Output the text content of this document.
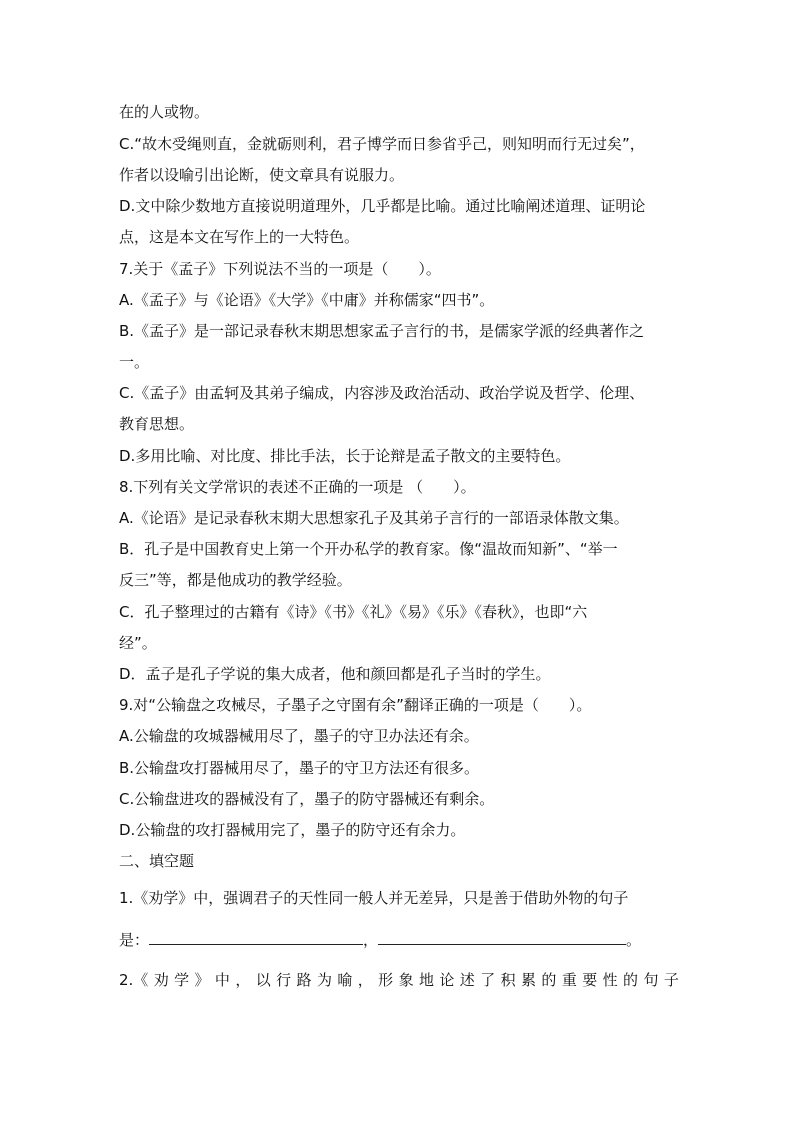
在的人或物。
C.“故木受绳则直，金就砺则利，君子博学而日参省乎己，则知明而行无过矣”，
作者以设喻引出论断，使文章具有说服力。
D.文中除少数地方直接说明道理外，几乎都是比喻。通过比喻阐述道理、证明论
点，这是本文在写作上的一大特色。
7.关于《孟子》下列说法不当的一项是（　　）。
A.《孟子》与《论语》《大学》《中庸》并称儒家“四书”。
B.《孟子》是一部记录春秋末期思想家孟子言行的书，是儒家学派的经典著作之
一。
C.《孟子》由孟轲及其弟子编成，内容涉及政治活动、政治学说及哲学、伦理、
教育思想。
D.多用比喻、对比度、排比手法，长于论辩是孟子散文的主要特色。
8.下列有关文学常识的表述不正确的一项是 （　　）。
A.《论语》是记录春秋末期大思想家孔子及其弟子言行的一部语录体散文集。
B．孔子是中国教育史上第一个开办私学的教育家。像“温故而知新”、“举一
反三”等，都是他成功的教学经验。
C．孔子整理过的古籍有《诗》《书》《礼》《易》《乐》《春秋》，也即“六
经”。
D．孟子是孔子学说的集大成者，他和颜回都是孔子当时的学生。
9.对“公输盘之攻械尽，子墨子之守圉有余”翻译正确的一项是（　　）。
A.公输盘的攻城器械用尽了，墨子的守卫办法还有余。
B.公输盘攻打器械用尽了，墨子的守卫方法还有很多。
C.公输盘进攻的器械没有了，墨子的防守器械还有剩余。
D.公输盘的攻打器械用完了，墨子的防守还有余力。
二、填空题
1.《劝学》中，强调君子的天性同一般人并无差异，只是善于借助外物的句子
是：	，	。
2.《 劝 学 》 中 ， 以 行 路 为 喻 ， 形 象 地 论 述 了 积 累 的 重 要 性 的 句 子
